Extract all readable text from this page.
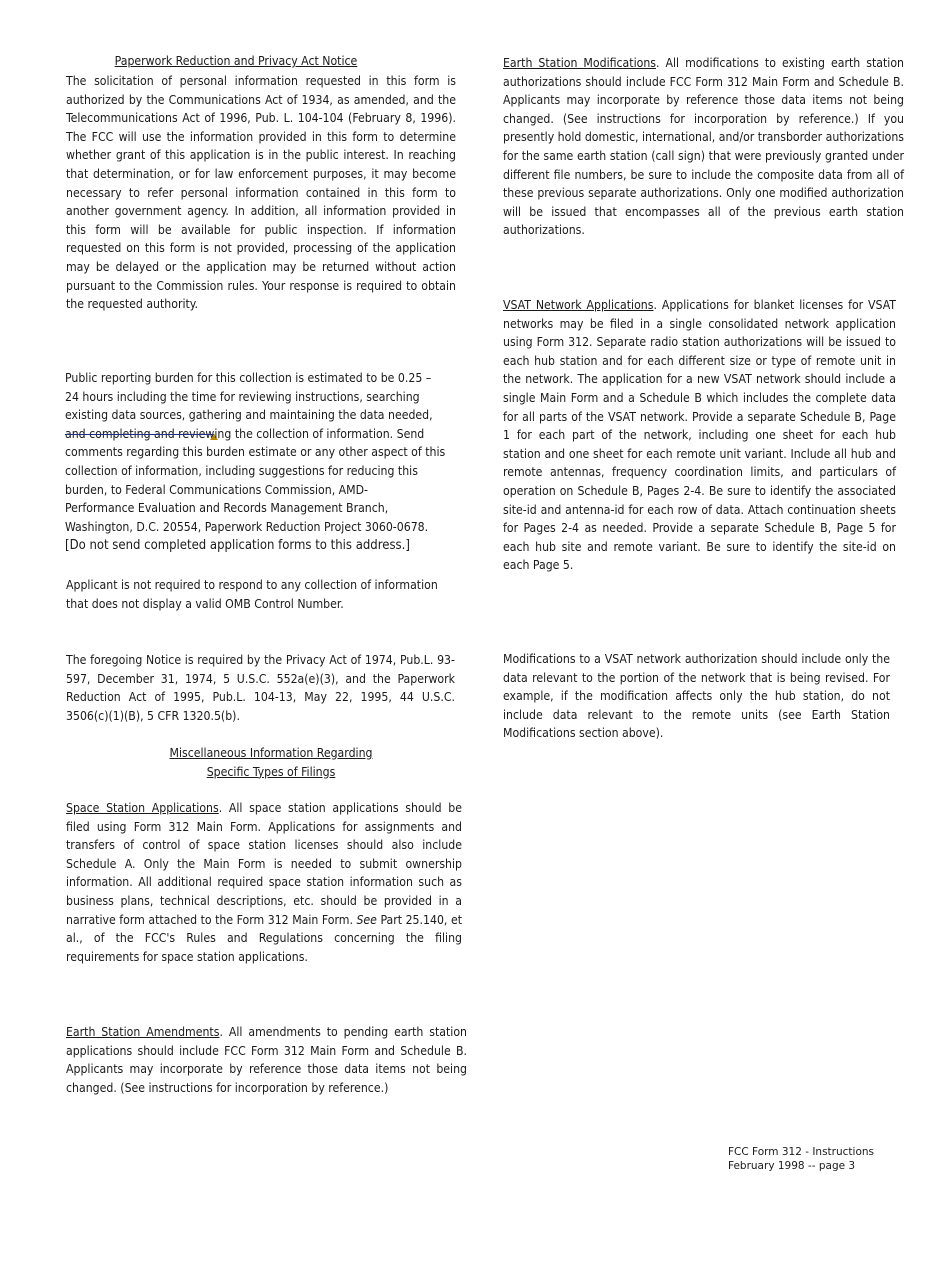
Paperwork Reduction and Privacy Act Notice
The solicitation of personal information requested in this form is authorized by the Communications Act of 1934, as amended, and the Telecommunications Act of 1996, Pub. L. 104-104 (February 8, 1996). The FCC will use the information provided in this form to determine whether grant of this application is in the public interest. In reaching that determination, or for law enforcement purposes, it may become necessary to refer personal information contained in this form to another government agency. In addition, all information provided in this form will be available for public inspection. If information requested on this form is not provided, processing of the application may be delayed or the application may be returned without action pursuant to the Commission rules. Your response is required to obtain the requested authority.
Public reporting burden for this collection is estimated to be 0.25 –
24 hours including the time for reviewing instructions, searching
existing data sources, gathering and maintaining the data needed,
and completing and reviewing the collection of information. Send
comments regarding this burden estimate or any other aspect of this
collection of information, including suggestions for reducing this
burden, to Federal Communications Commission, AMD-
Performance Evaluation and Records Management Branch,
Washington, D.C. 20554, Paperwork Reduction Project 3060-0678.
[Do not send completed application forms to this address.]
Applicant is not required to respond to any collection of information that does not display a valid OMB Control Number.
The foregoing Notice is required by the Privacy Act of 1974, Pub.L. 93-597, December 31, 1974, 5 U.S.C. 552a(e)(3), and the Paperwork Reduction Act of 1995, Pub.L. 104-13, May 22, 1995, 44 U.S.C. 3506(c)(1)(B), 5 CFR 1320.5(b).
Miscellaneous Information Regarding
Specific Types of Filings
Space Station Applications. All space station applications should be filed using Form 312 Main Form. Applications for assignments and transfers of control of space station licenses should also include Schedule A. Only the Main Form is needed to submit ownership information. All additional required space station information such as business plans, technical descriptions, etc. should be provided in a narrative form attached to the Form 312 Main Form. See Part 25.140, et al., of the FCC's Rules and Regulations concerning the filing requirements for space station applications.
Earth Station Amendments. All amendments to pending earth station applications should include FCC Form 312 Main Form and Schedule B. Applicants may incorporate by reference those data items not being changed. (See instructions for incorporation by reference.)
Earth Station Modifications. All modifications to existing earth station authorizations should include FCC Form 312 Main Form and Schedule B. Applicants may incorporate by reference those data items not being changed. (See instructions for incorporation by reference.) If you presently hold domestic, international, and/or transborder authorizations for the same earth station (call sign) that were previously granted under different file numbers, be sure to include the composite data from all of these previous separate authorizations. Only one modified authorization will be issued that encompasses all of the previous earth station authorizations.
VSAT Network Applications. Applications for blanket licenses for VSAT networks may be filed in a single consolidated network application using Form 312. Separate radio station authorizations will be issued to each hub station and for each different size or type of remote unit in the network. The application for a new VSAT network should include a single Main Form and a Schedule B which includes the complete data for all parts of the VSAT network. Provide a separate Schedule B, Page 1 for each part of the network, including one sheet for each hub station and one sheet for each remote unit variant. Include all hub and remote antennas, frequency coordination limits, and particulars of operation on Schedule B, Pages 2-4. Be sure to identify the associated site-id and antenna-id for each row of data. Attach continuation sheets for Pages 2-4 as needed. Provide a separate Schedule B, Page 5 for each hub site and remote variant. Be sure to identify the site-id on each Page 5.
Modifications to a VSAT network authorization should include only the data relevant to the portion of the network that is being revised. For example, if the modification affects only the hub station, do not include data relevant to the remote units (see Earth Station Modifications section above).
FCC Form 312 - Instructions
February 1998 -- page 3
